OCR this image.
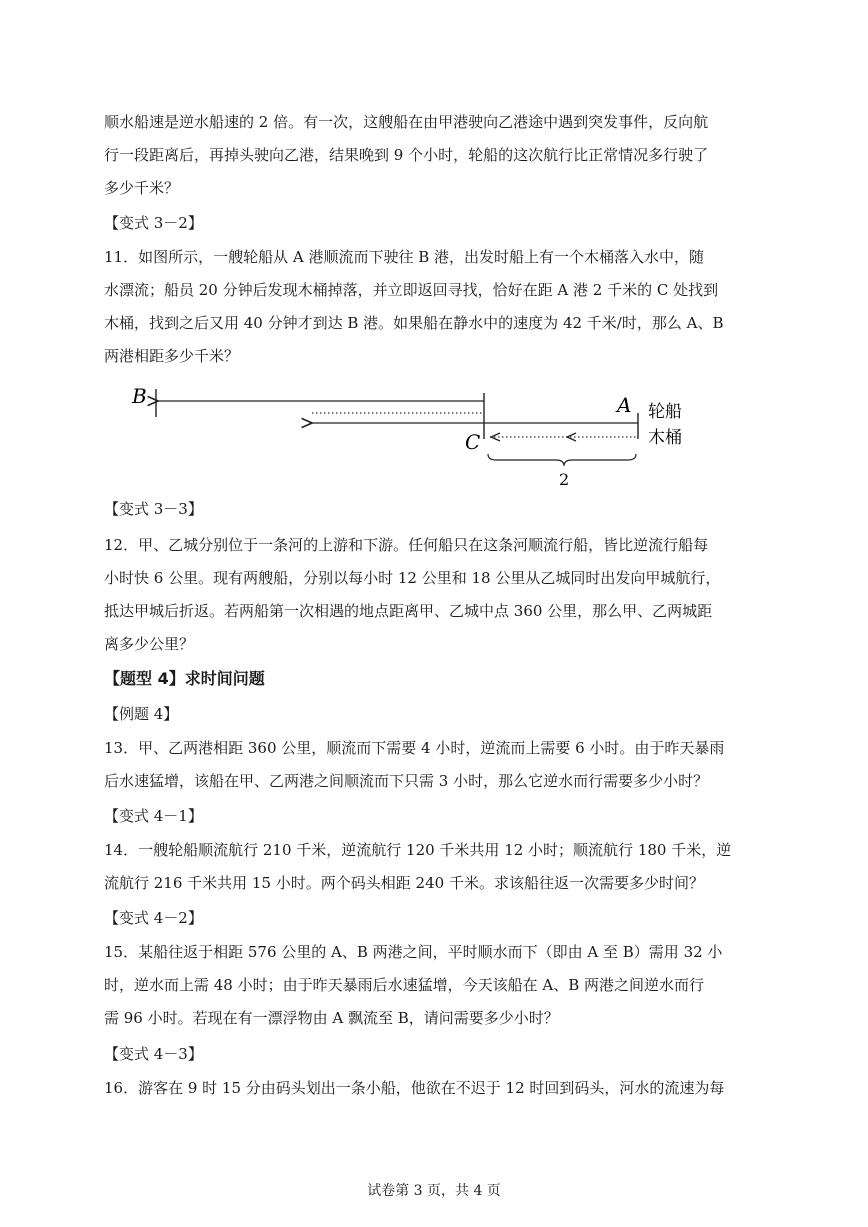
顺水船速是逆水船速的 2 倍。有一次，这艘船在由甲港驶向乙港途中遇到突发事件，反向航
行一段距离后，再掉头驶向乙港，结果晚到 9 个小时，轮船的这次航行比正常情况多行驶了
多少千米？
【变式 3－2】
11．如图所示，一艘轮船从 A 港顺流而下驶往 B 港，出发时船上有一个木桶落入水中，随
水漂流；船员 20 分钟后发现木桶掉落，并立即返回寻找，恰好在距 A 港 2 千米的 C 处找到
木桶，找到之后又用 40 分钟才到达 B 港。如果船在静水中的速度为 42 千米/时，那么 A、B
两港相距多少千米？
B	A
C
轮船
木桶
2
【变式 3－3】
12．甲、乙城分别位于一条河的上游和下游。任何船只在这条河顺流行船，皆比逆流行船每
小时快 6 公里。现有两艘船，分别以每小时 12 公里和 18 公里从乙城同时出发向甲城航行，
抵达甲城后折返。若两船第一次相遇的地点距离甲、乙城中点 360 公里，那么甲、乙两城距
离多少公里？
【题型 4】求时间问题
【例题 4】
13．甲、乙两港相距 360 公里，顺流而下需要 4 小时，逆流而上需要 6 小时。由于昨天暴雨
后水速猛增，该船在甲、乙两港之间顺流而下只需 3 小时，那么它逆水而行需要多少小时？
【变式 4－1】
14．一艘轮船顺流航行 210 千米，逆流航行 120 千米共用 12 小时；顺流航行 180 千米，逆
流航行 216 千米共用 15 小时。两个码头相距 240 千米。求该船往返一次需要多少时间？
【变式 4－2】
15．某船往返于相距 576 公里的 A、B 两港之间，平时顺水而下（即由 A 至 B）需用 32 小
时，逆水而上需 48 小时；由于昨天暴雨后水速猛增，今天该船在 A、B 两港之间逆水而行
需 96 小时。若现在有一漂浮物由 A 飘流至 B，请问需要多少小时？
【变式 4－3】
16．游客在 9 时 15 分由码头划出一条小船，他欲在不迟于 12 时回到码头，河水的流速为每
试卷第 3 页，共 4 页
